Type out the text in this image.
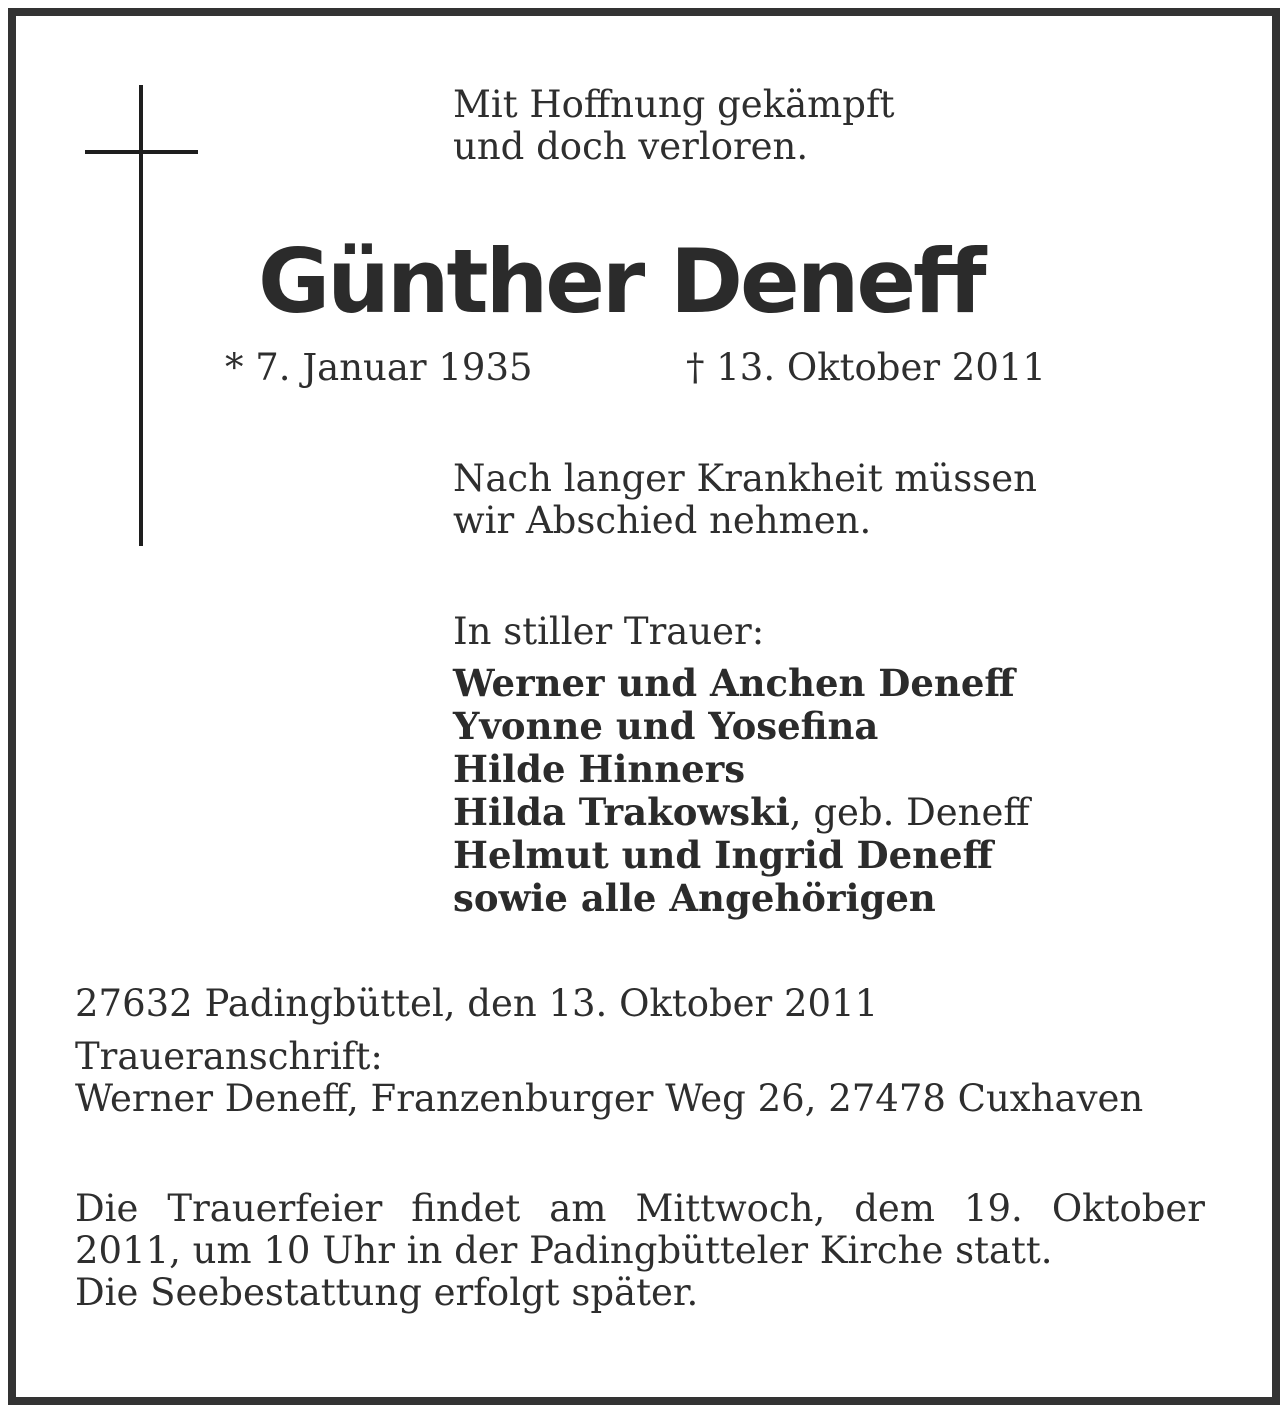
Mit Hoffnung gekämpft
und doch verloren.
Günther Deneff
* 7. Januar 1935	† 13. Oktober 2011
Nach langer Krankheit müssen
wir Abschied nehmen.
In stiller Trauer:
Werner und Anchen Deneff
Yvonne und Yosefina
Hilde Hinners
Hilda Trakowski, geb. Deneff
Helmut und Ingrid Deneff
sowie alle Angehörigen
27632 Padingbüttel, den 13. Oktober 2011
Traueranschrift:
Werner Deneff, Franzenburger Weg 26, 27478 Cuxhaven
Die Trauerfeier findet am Mittwoch, dem 19. Oktober
2011, um 10 Uhr in der Padingbütteler Kirche statt.
Die Seebestattung erfolgt später.
